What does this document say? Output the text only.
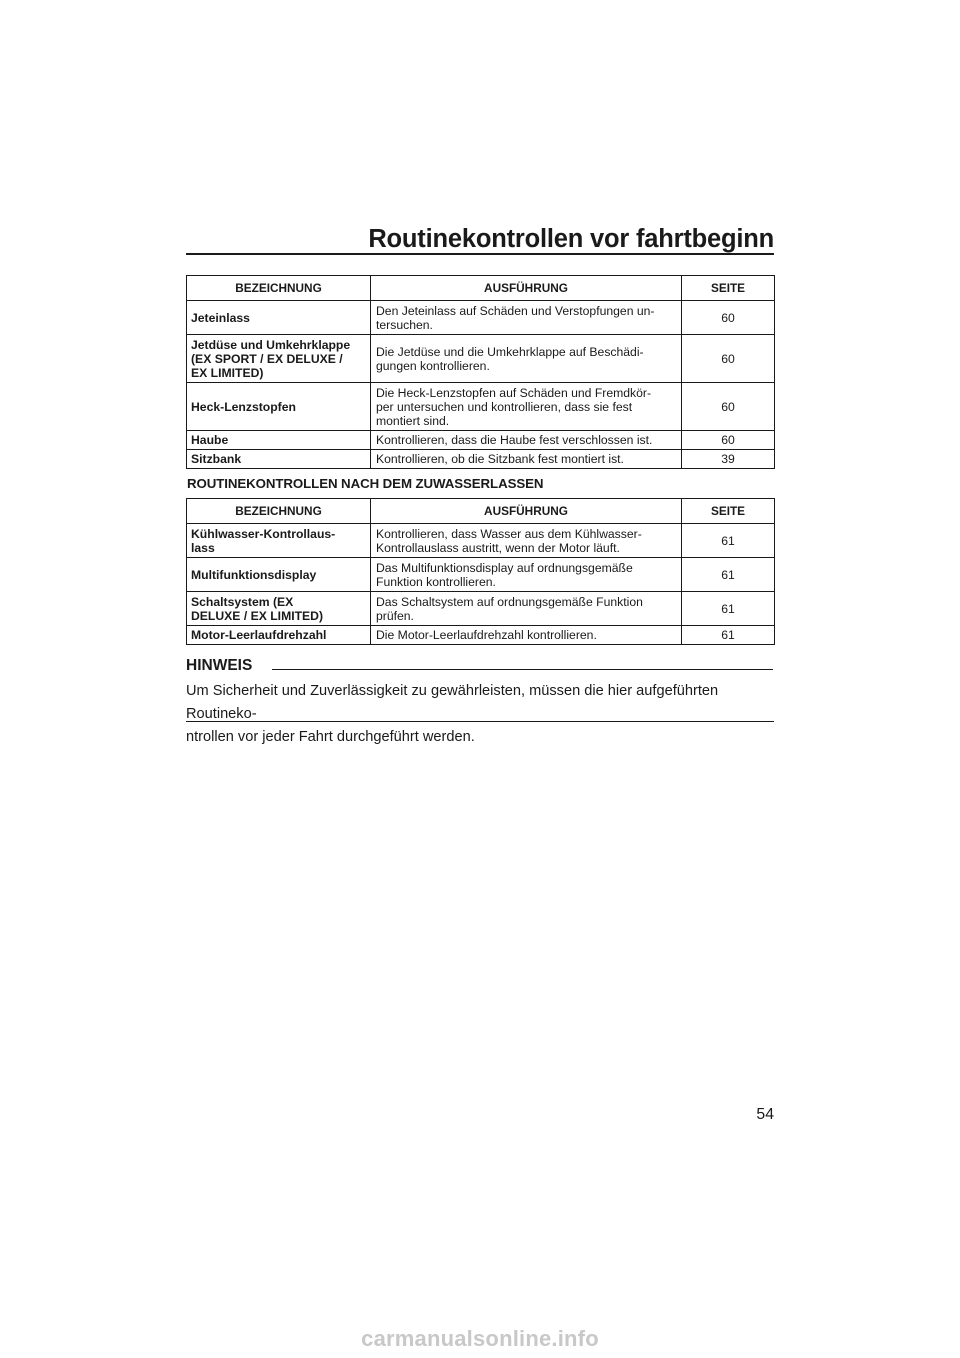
Routinekontrollen vor fahrtbeginn
BEZEICHNUNG	AUSFÜHRUNG	SEITE
Jeteinlass	Den Jeteinlass auf Schäden und Verstopfungen un-
tersuchen.	60
Jetdüse und Umkehrklappe
(EX SPORT / EX DELUXE /
EX LIMITED)	Die Jetdüse und die Umkehrklappe auf Beschädi-
gungen kontrollieren.	60
Heck-Lenzstopfen	Die Heck-Lenzstopfen auf Schäden und Fremdkör-
per untersuchen und kontrollieren, dass sie fest
montiert sind.	60
Haube	Kontrollieren, dass die Haube fest verschlossen ist.	60
Sitzbank	Kontrollieren, ob die Sitzbank fest montiert ist.	39
ROUTINEKONTROLLEN NACH DEM ZUWASSERLASSEN
BEZEICHNUNG	AUSFÜHRUNG	SEITE
Kühlwasser-Kontrollaus-
lass	Kontrollieren, dass Wasser aus dem Kühlwasser-
Kontrollauslass austritt, wenn der Motor läuft.	61
Multifunktionsdisplay	Das Multifunktionsdisplay auf ordnungsgemäße
Funktion kontrollieren.	61
Schaltsystem (EX
DELUXE / EX LIMITED)	Das Schaltsystem auf ordnungsgemäße Funktion
prüfen.	61
Motor-Leerlaufdrehzahl	Die Motor-Leerlaufdrehzahl kontrollieren.	61
HINWEIS
Um Sicherheit und Zuverlässigkeit zu gewährleisten, müssen die hier aufgeführten Routineko-
ntrollen vor jeder Fahrt durchgeführt werden.
54
carmanualsonline.info
